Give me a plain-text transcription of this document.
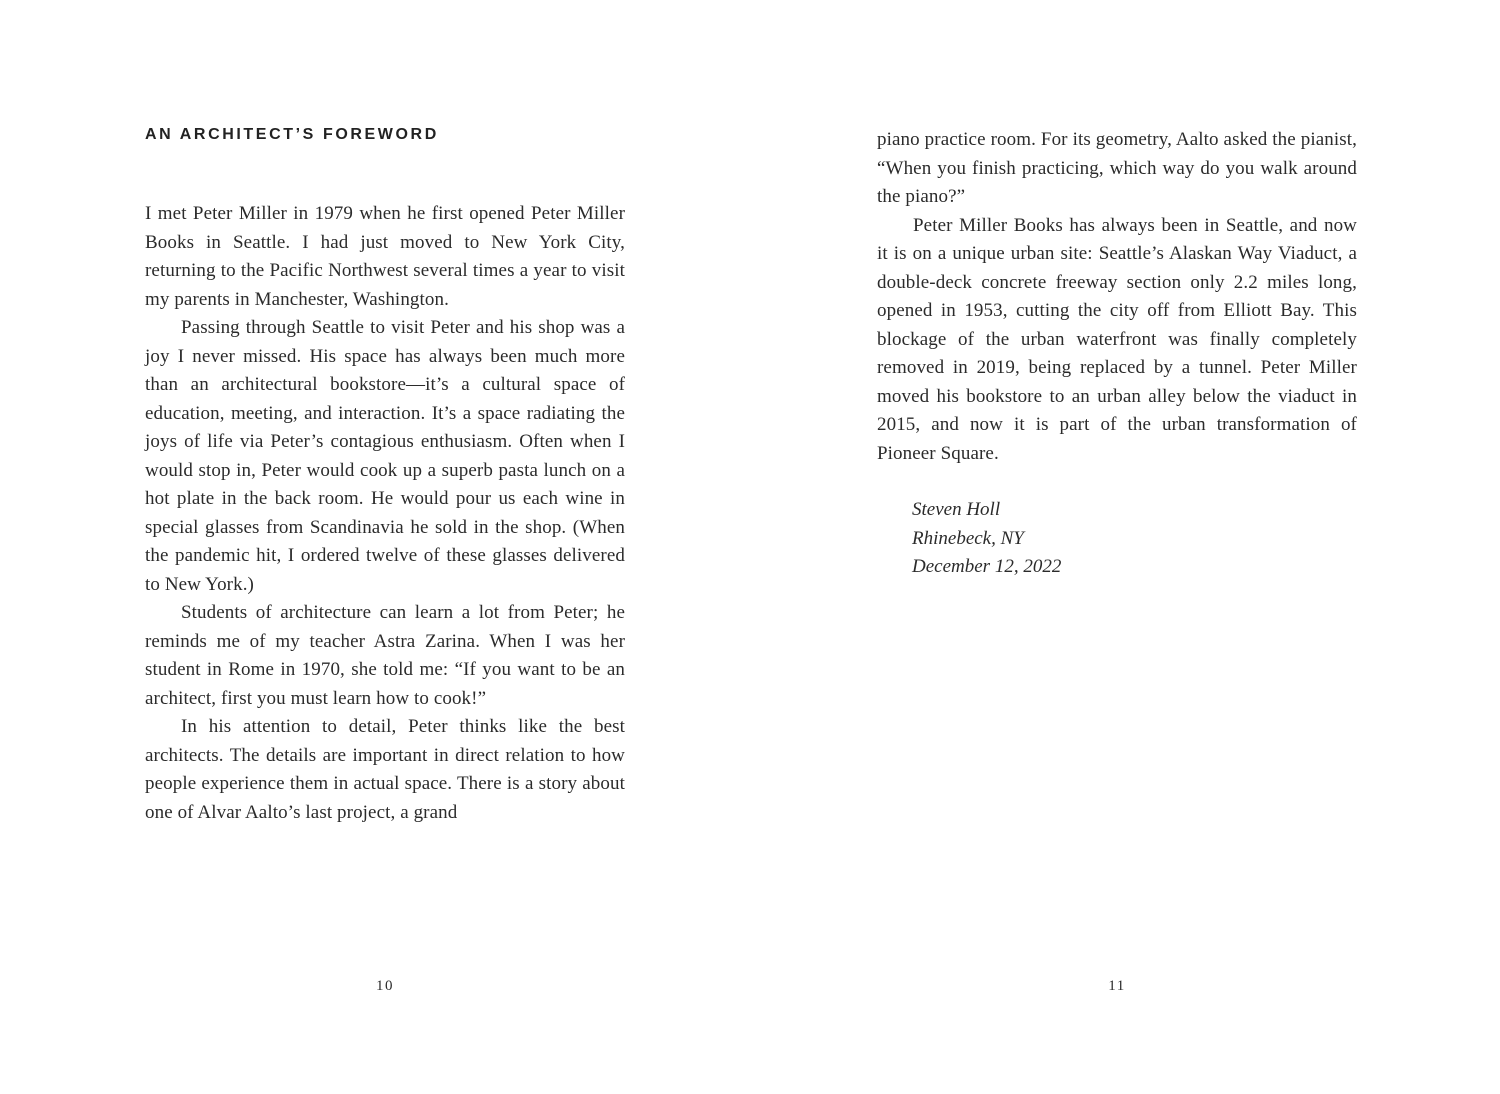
AN ARCHITECT’S FOREWORD

I met Peter Miller in 1979 when he first opened Peter Miller Books in Seattle. I had just moved to New York City, returning to the Pacific Northwest several times a year to visit my parents in Manchester, Washington.

Passing through Seattle to visit Peter and his shop was a joy I never missed. His space has always been much more than an architectural bookstore—it’s a cultural space of education, meeting, and interaction. It’s a space radiating the joys of life via Peter’s contagious enthusiasm. Often when I would stop in, Peter would cook up a superb pasta lunch on a hot plate in the back room. He would pour us each wine in special glasses from Scandinavia he sold in the shop. (When the pandemic hit, I ordered twelve of these glasses delivered to New York.)

Students of architecture can learn a lot from Peter; he reminds me of my teacher Astra Zarina. When I was her student in Rome in 1970, she told me: “If you want to be an architect, first you must learn how to cook!”

In his attention to detail, Peter thinks like the best architects. The details are important in direct relation to how people experience them in actual space. There is a story about one of Alvar Aalto’s last project, a grand

10

piano practice room. For its geometry, Aalto asked the pianist, “When you finish practicing, which way do you walk around the piano?”

Peter Miller Books has always been in Seattle, and now it is on a unique urban site: Seattle’s Alaskan Way Viaduct, a double-deck concrete freeway section only 2.2 miles long, opened in 1953, cutting the city off from Elliott Bay. This blockage of the urban waterfront was finally completely removed in 2019, being replaced by a tunnel. Peter Miller moved his bookstore to an urban alley below the viaduct in 2015, and now it is part of the urban transformation of Pioneer Square.

Steven Holl

Rhinebeck, NY

December 12, 2022

11
